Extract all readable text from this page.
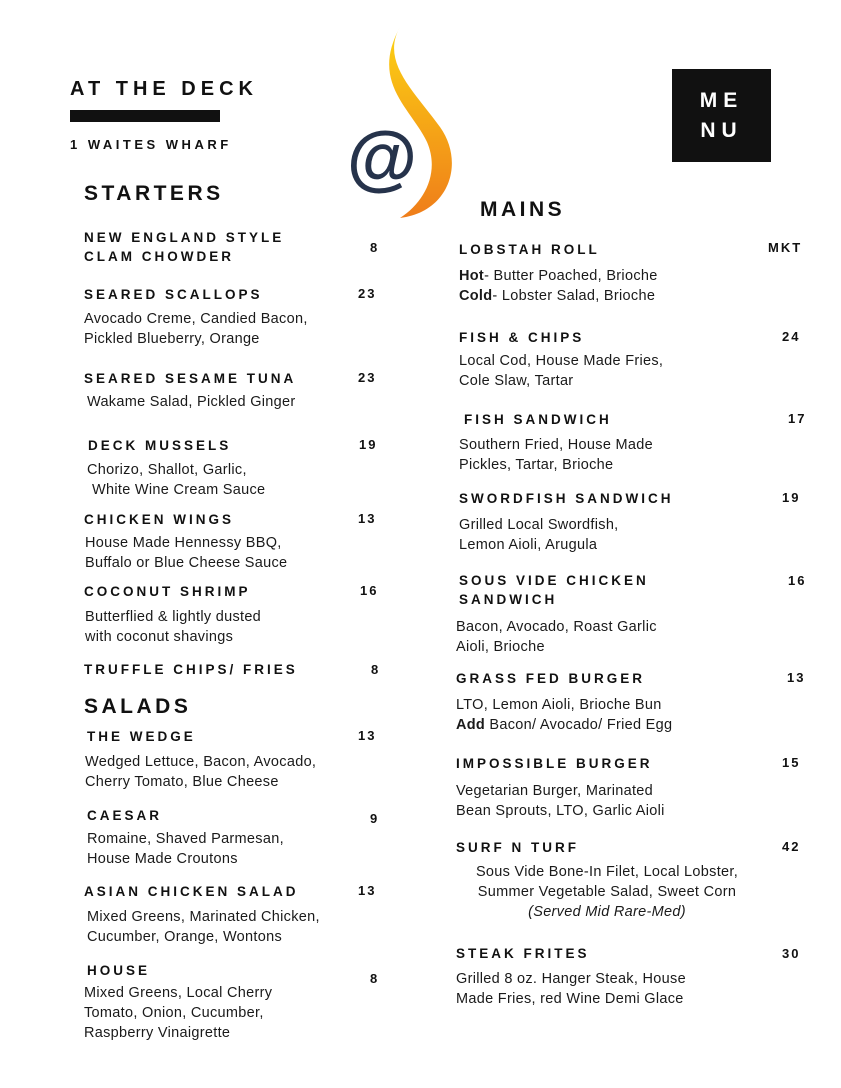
AT THE DECK
1 WAITES WHARF @
ME
NU
STARTERS
NEW ENGLAND STYLE
CLAM CHOWDER
8
SEARED SCALLOPS	23
Avocado Creme, Candied Bacon,
Pickled Blueberry, Orange
SEARED SESAME TUNA	23
Wakame Salad, Pickled Ginger
DECK MUSSELS	19
Chorizo, Shallot, Garlic,
White Wine Cream Sauce
CHICKEN WINGS	13
House Made Hennessy BBQ,
Buffalo or Blue Cheese Sauce
COCONUT SHRIMP	16
Butterflied & lightly dusted
with coconut shavings
TRUFFLE CHIPS/ FRIES	8
SALADS
THE WEDGE	13
Wedged Lettuce, Bacon, Avocado,
Cherry Tomato, Blue Cheese
CAESAR	9
Romaine, Shaved Parmesan,
House Made Croutons
ASIAN CHICKEN SALAD	13
Mixed Greens, Marinated Chicken,
Cucumber, Orange, Wontons
HOUSE
8
Mixed Greens, Local Cherry
Tomato, Onion, Cucumber,
Raspberry Vinaigrette
MAINS
LOBSTAH ROLL	MKT
Hot- Butter Poached, Brioche
Cold- Lobster Salad, Brioche
FISH & CHIPS	24
Local Cod, House Made Fries,
Cole Slaw, Tartar
FISH SANDWICH	17
Southern Fried, House Made
Pickles, Tartar, Brioche
SWORDFISH SANDWICH	19
Grilled Local Swordfish,
Lemon Aioli, Arugula
SOUS VIDE CHICKEN
SANDWICH
16
Bacon, Avocado, Roast Garlic
Aioli, Brioche
GRASS FED BURGER	13
LTO, Lemon Aioli, Brioche Bun
Add Bacon/ Avocado/ Fried Egg
IMPOSSIBLE BURGER	15
Vegetarian Burger, Marinated
Bean Sprouts, LTO, Garlic Aioli
SURF N TURF	42
Sous Vide Bone-In Filet, Local Lobster,
Summer Vegetable Salad, Sweet Corn
(Served Mid Rare-Med)
STEAK FRITES	30
Grilled 8 oz. Hanger Steak, House
Made Fries, red Wine Demi Glace
